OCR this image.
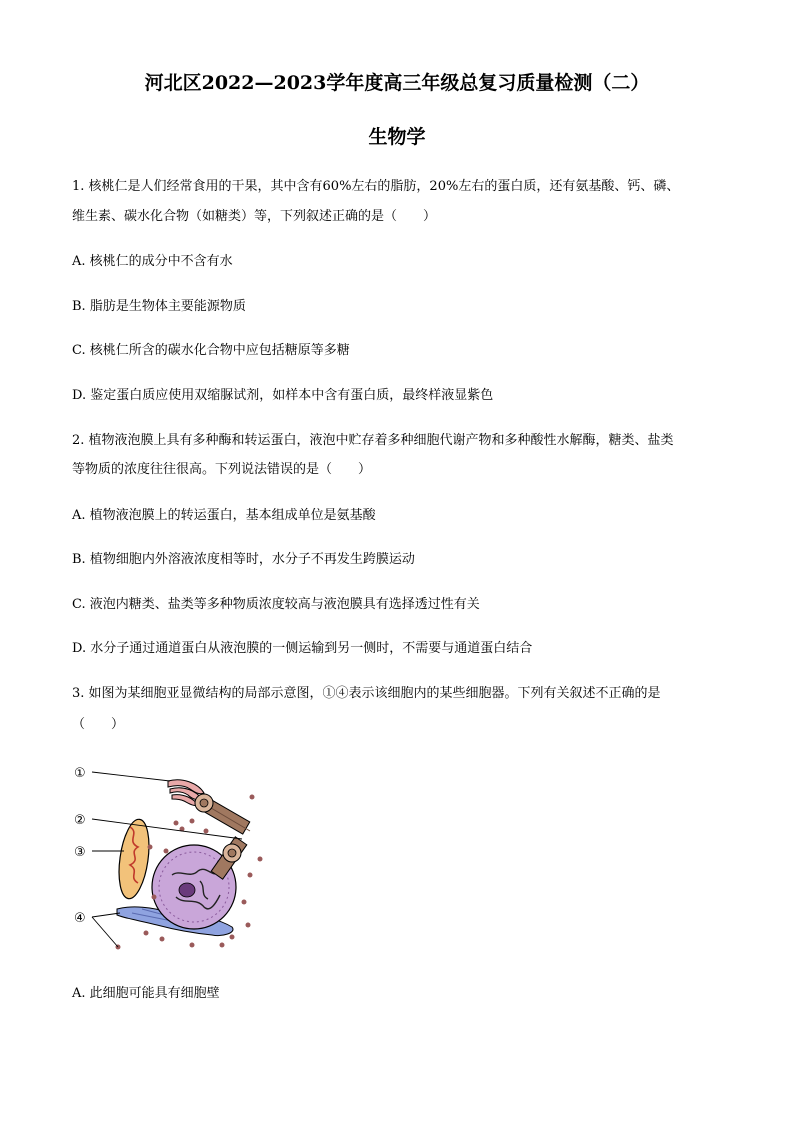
河北区2022—2023学年度高三年级总复习质量检测（二）
生物学
1. 核桃仁是人们经常食用的干果，其中含有60%左右的脂肪，20%左右的蛋白质，还有氨基酸、钙、磷、
维生素、碳水化合物（如糖类）等，下列叙述正确的是（　　）
A. 核桃仁的成分中不含有水
B. 脂肪是生物体主要能源物质
C. 核桃仁所含的碳水化合物中应包括糖原等多糖
D. 鉴定蛋白质应使用双缩脲试剂，如样本中含有蛋白质，最终样液显紫色
2. 植物液泡膜上具有多种酶和转运蛋白，液泡中贮存着多种细胞代谢产物和多种酸性水解酶，糖类、盐类
等物质的浓度往往很高。下列说法错误的是（　　）
A. 植物液泡膜上的转运蛋白，基本组成单位是氨基酸
B. 植物细胞内外溶液浓度相等时，水分子不再发生跨膜运动
C. 液泡内糖类、盐类等多种物质浓度较高与液泡膜具有选择透过性有关
D. 水分子通过通道蛋白从液泡膜的一侧运输到另一侧时，不需要与通道蛋白结合
3. 如图为某细胞亚显微结构的局部示意图，①④表示该细胞内的某些细胞器。下列有关叙述不正确的是
（　　）
①
②
③
④
A. 此细胞可能具有细胞壁
